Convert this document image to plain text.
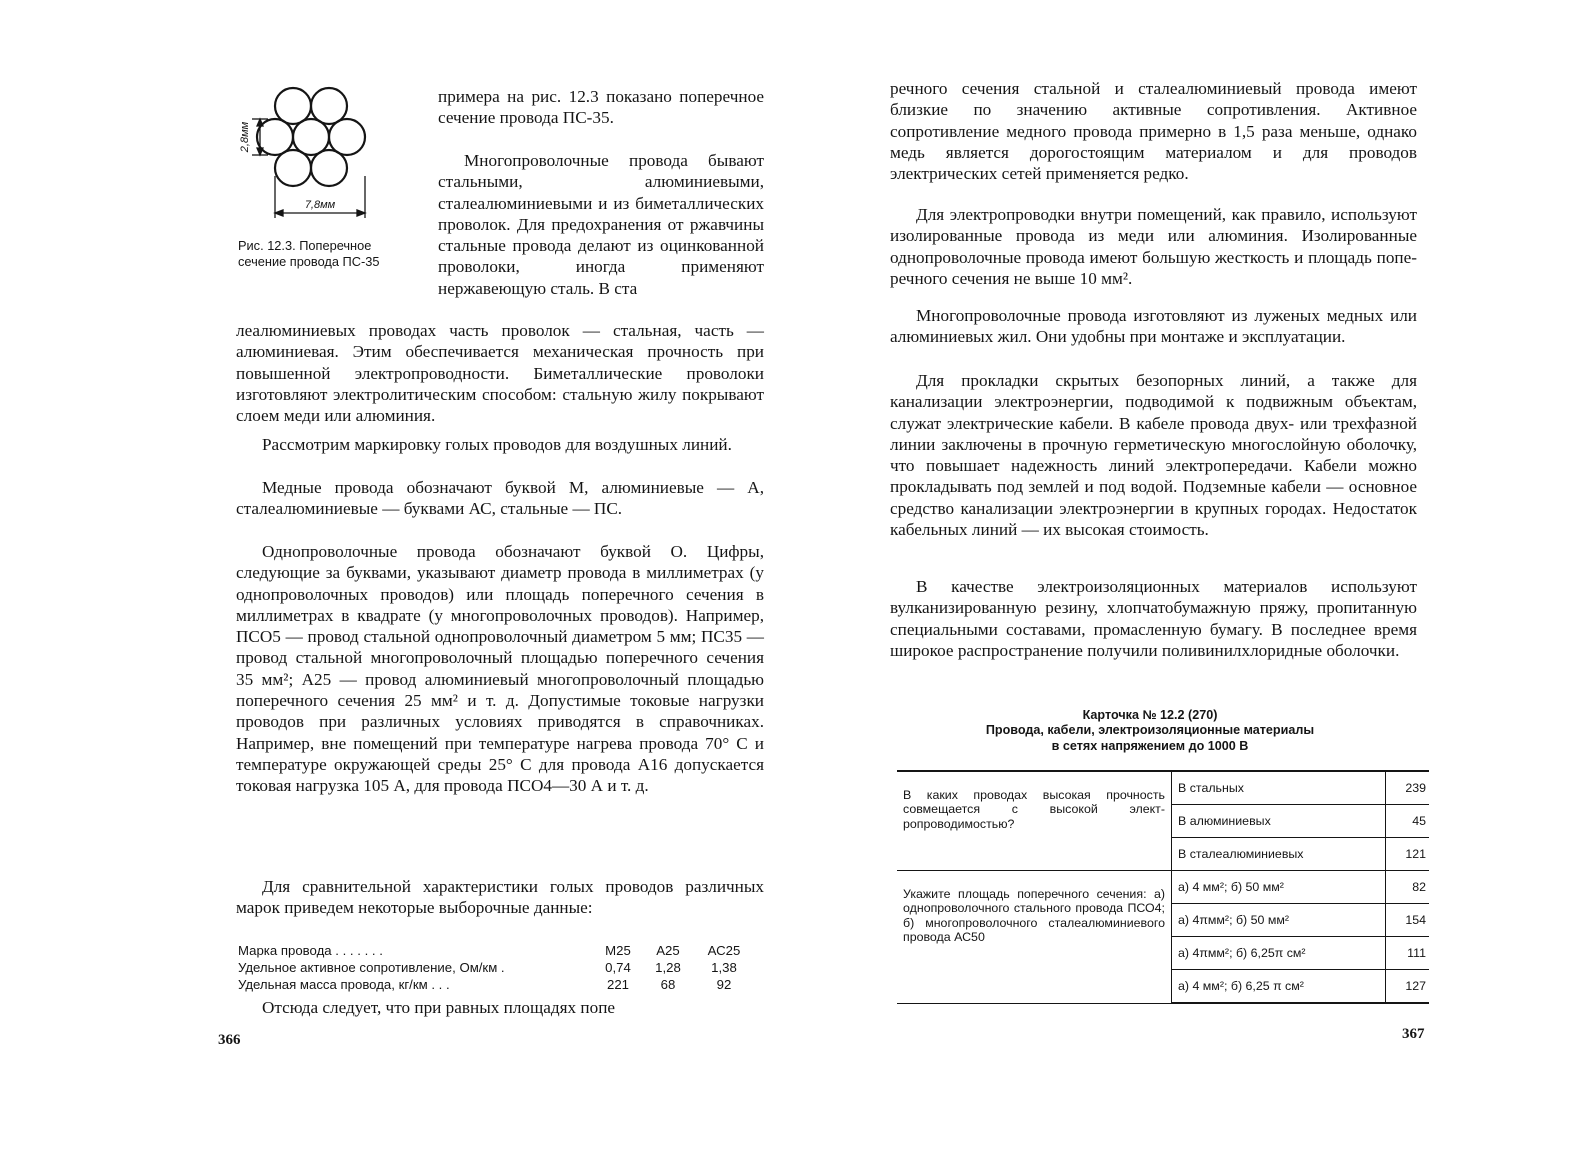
2,8мм
7,8мм

Рис. 12.3. Поперечное сечение провода ПС-35

примера на рис. 12.3 показано поперечное сечение провода ПС-35.

Многопроволочные провода бывают стальными, алюминиевыми, сталеалюминиевыми и из биметаллических проволок. Для предохранения от ржавчины стальные провода делают из оцинкованной проволоки, иногда применяют нержавеющую сталь. В ста

леалюминиевых проводах часть проволок — стальная, часть — алюминиевая. Этим обеспечивается механическая прочность при повышенной электропроводности. Биметаллические проволоки изготовляют электролитическим способом: стальную жилу покрывают слоем меди или алюминия.

Рассмотрим маркировку голых проводов для воздушных линий.

Медные провода обозначают буквой М, алюминиевые — А, сталеалюминиевые — буквами АС, стальные — ПС.

Однопроволочные провода обозначают буквой О. Цифры, следующие за буквами, указывают диаметр провода в миллиметрах (у однопроволочных проводов) или площадь поперечного сечения в миллиметрах в квадрате (у многопроволочных проводов). Например, ПСО5 — провод стальной однопроволочный диаметром 5 мм; ПС35 — провод стальной многопроволочный площадью поперечного сечения 35 мм²; А25 — провод алюминиевый многопроволочный площадью поперечного сечения 25 мм² и т. д. Допустимые токовые нагрузки проводов при различных условиях приводятся в справочниках. Например, вне помещений при температуре нагрева провода 70° С и температуре окружающей среды 25° С для провода А16 допускается токовая нагрузка 105 А, для провода ПСО4—30 А и т. д.

Для сравнительной характеристики голых проводов различных марок приведем некоторые выборочные данные:

Марка провода . . . . . . .	М25	А25	АС25
Удельное активное сопротивление, Ом/км .	0,74	1,28	1,38
Удельная масса провода, кг/км . . .	221	68	92

Отсюда следует, что при равных площадях попе

366

речного сечения стальной и сталеалюминиевый провода имеют близкие по значению активные сопротивления. Активное сопротивление медного провода примерно в 1,5 раза меньше, однако медь является дорогостоящим материалом и для проводов электрических сетей применяется редко.

Для электропроводки внутри помещений, как правило, используют изолированные провода из меди или алюминия. Изолированные однопроволочные провода имеют большую жесткость и площадь поперечного сечения не выше 10 мм².

Многопроволочные провода изготовляют из луженых медных или алюминиевых жил. Они удобны при монтаже и эксплуатации.

Для прокладки скрытых безопорных линий, а также для канализации электроэнергии, подводимой к подвижным объектам, служат электрические кабели. В кабеле провода двух- или трехфазной линии заключены в прочную герметическую многослойную оболочку, что повышает надежность линий электропередачи. Кабели можно прокладывать под землей и под водой. Подземные кабели — основное средство канализации электроэнергии в крупных городах. Недостаток кабельных линий — их высокая стоимость.

В качестве электроизоляционных материалов используют вулканизированную резину, хлопчатобумажную пряжу, пропитанную специальными составами, промасленную бумагу. В последнее время широкое распространение получили поливинилхлоридные оболочки.

Карточка № 12.2 (270)
Провода, кабели, электроизоляционные материалы
в сетях напряжением до 1000 В
В каких проводах высокая прочность совмещается с высокой электропроводимостью?	В стальных	239
	В алюминиевых	45
	В сталеалюминиевых	121
Укажите площадь поперечного сечения: а) однопроволочного стального провода ПСО4; б) многопроволочного сталеалюминиевого провода АС50	а) 4 мм²; б) 50 мм²	82
	а) 4πмм²; б) 50 мм²	154
	а) 4πмм²; б) 6,25π см²	111
	а) 4 мм²; б) 6,25 π см²	127
367
